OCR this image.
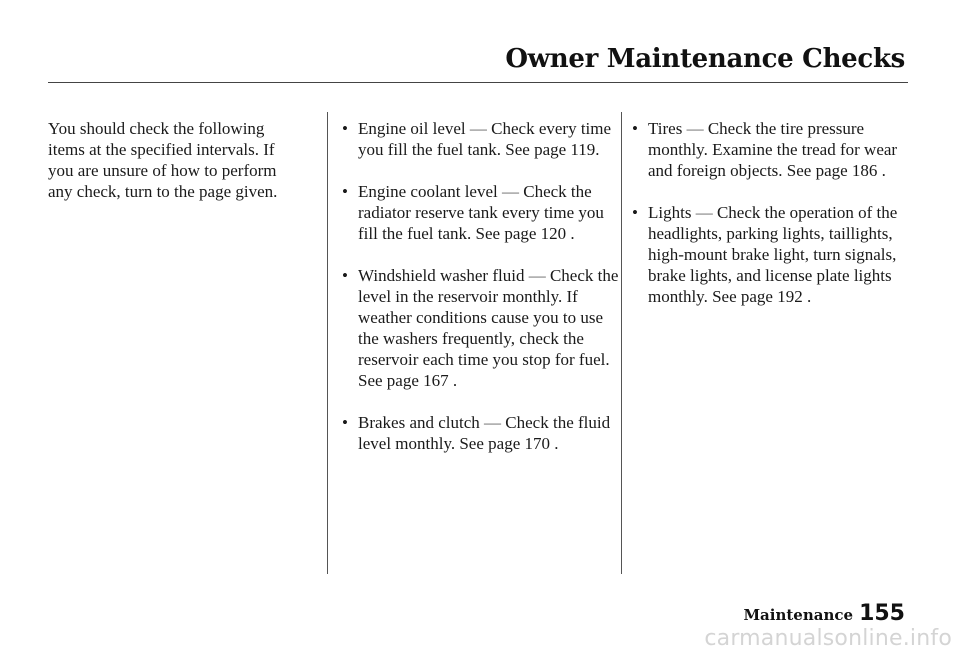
Owner Maintenance Checks

You should check the following items at the specified intervals. If you are unsure of how to perform any check, turn to the page given.

• Engine oil level — Check every time you fill the fuel tank. See page 119.

• Engine coolant level — Check the radiator reserve tank every time you fill the fuel tank. See page 120 .

• Windshield washer fluid — Check the level in the reservoir monthly. If weather conditions cause you to use the washers frequently, check the reservoir each time you stop for fuel. See page 167 .

• Brakes and clutch — Check the fluid level monthly. See page 170 .

• Tires — Check the tire pressure monthly. Examine the tread for wear and foreign objects. See page 186 .

• Lights — Check the operation of the headlights, parking lights, taillights, high-mount brake light, turn signals, brake lights, and license plate lights monthly. See page 192 .

Maintenance 155
carmanualsonline.info
